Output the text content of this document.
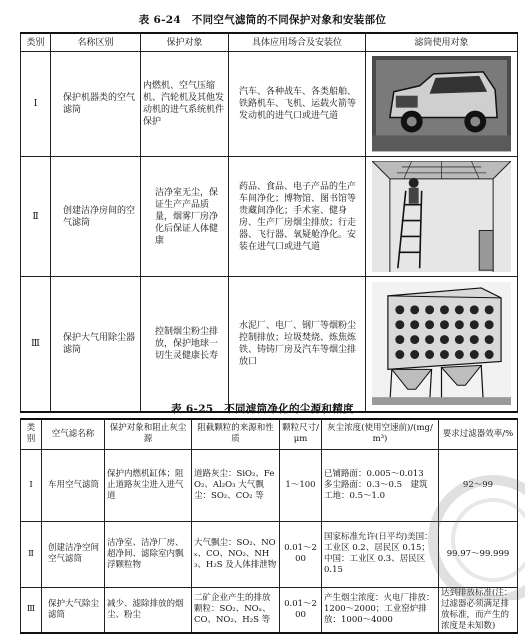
表 6-24　不同空气滤筒的不同保护对象和安装部位
类别	名称区别	保护对象	具体应用场合及安装位	滤筒使用对象
Ⅰ	保护机器类的空气滤筒	内燃机、空气压缩机、汽轮机及其他发动机的进气系统机件保护	汽车、各种战车、各类船舶、铁路机车、飞机、运载火箭等发动机的进气口或进气道	

Ⅱ	创建洁净房间的空气滤筒	洁净室无尘，保证生产产品质量，烟雾厂房净化后保证人体健康	药品、食品、电子产品的生产车间净化；博物馆、图书馆等贵藏间净化；手术室、健身房、生产厂房烟尘排放；行走器、飞行器、氧疑舱净化。安装在进气口或进气道	

Ⅲ	保护大气用除尘器滤筒	控制烟尘粉尘排放，保护地球一切生灵健康长寿	水泥厂、电厂、钢厂等烟粉尘控制排放；垃圾焚烧、炼焦炼铁、铸铸厂房及汽车等烟尘排放口	
表 6-25　不同滤筒净化的尘源和精度
类别	空气滤名称	保护对象和阻止灰尘源	阻截颗粒的来源和性质	颗粒尺寸/μm	灰尘浓度(使用空速前)/(mg/m³)	要求过滤器效率/%
Ⅰ	车用空气滤筒	保护内燃机缸体；阻止道路灰尘进入进气道	道路灰尘：SiO₂、FeO₂、Al₂O₃ 大气飘尘：SO₂、CO₂ 等	1～100	已铺路面：0.005～0.013　多尘路面：0.3～0.5　建筑工地：0.5～1.0	92～99
Ⅱ	创建洁净空间空气滤筒	洁净室、洁净厂房、超净间、滤除室内飘浮颗粒物	大气飘尘：SO₂、NOₓ、CO、NO₂、NH₃、H₂S 及人体排泄物	0.01～200	国家标准允许(日平均)美国：工业区 0.2、居民区 0.15；中国：工业区 0.3、居民区 0.15	99.97～99.999
Ⅲ	保护大气除尘滤筒	减少、滤除排放的烟尘、粉尘	二矿企业产生的排放颗粒：SO₂、NOₓ、CO、NO₂、H₂S 等	0.01～200	产生烟尘浓度：火电厂排放：1200～2000；工业窑炉排放：1000～4000	达到排放标准(注：过滤器必须满足排放标准，而产生的浓度是未知数)
